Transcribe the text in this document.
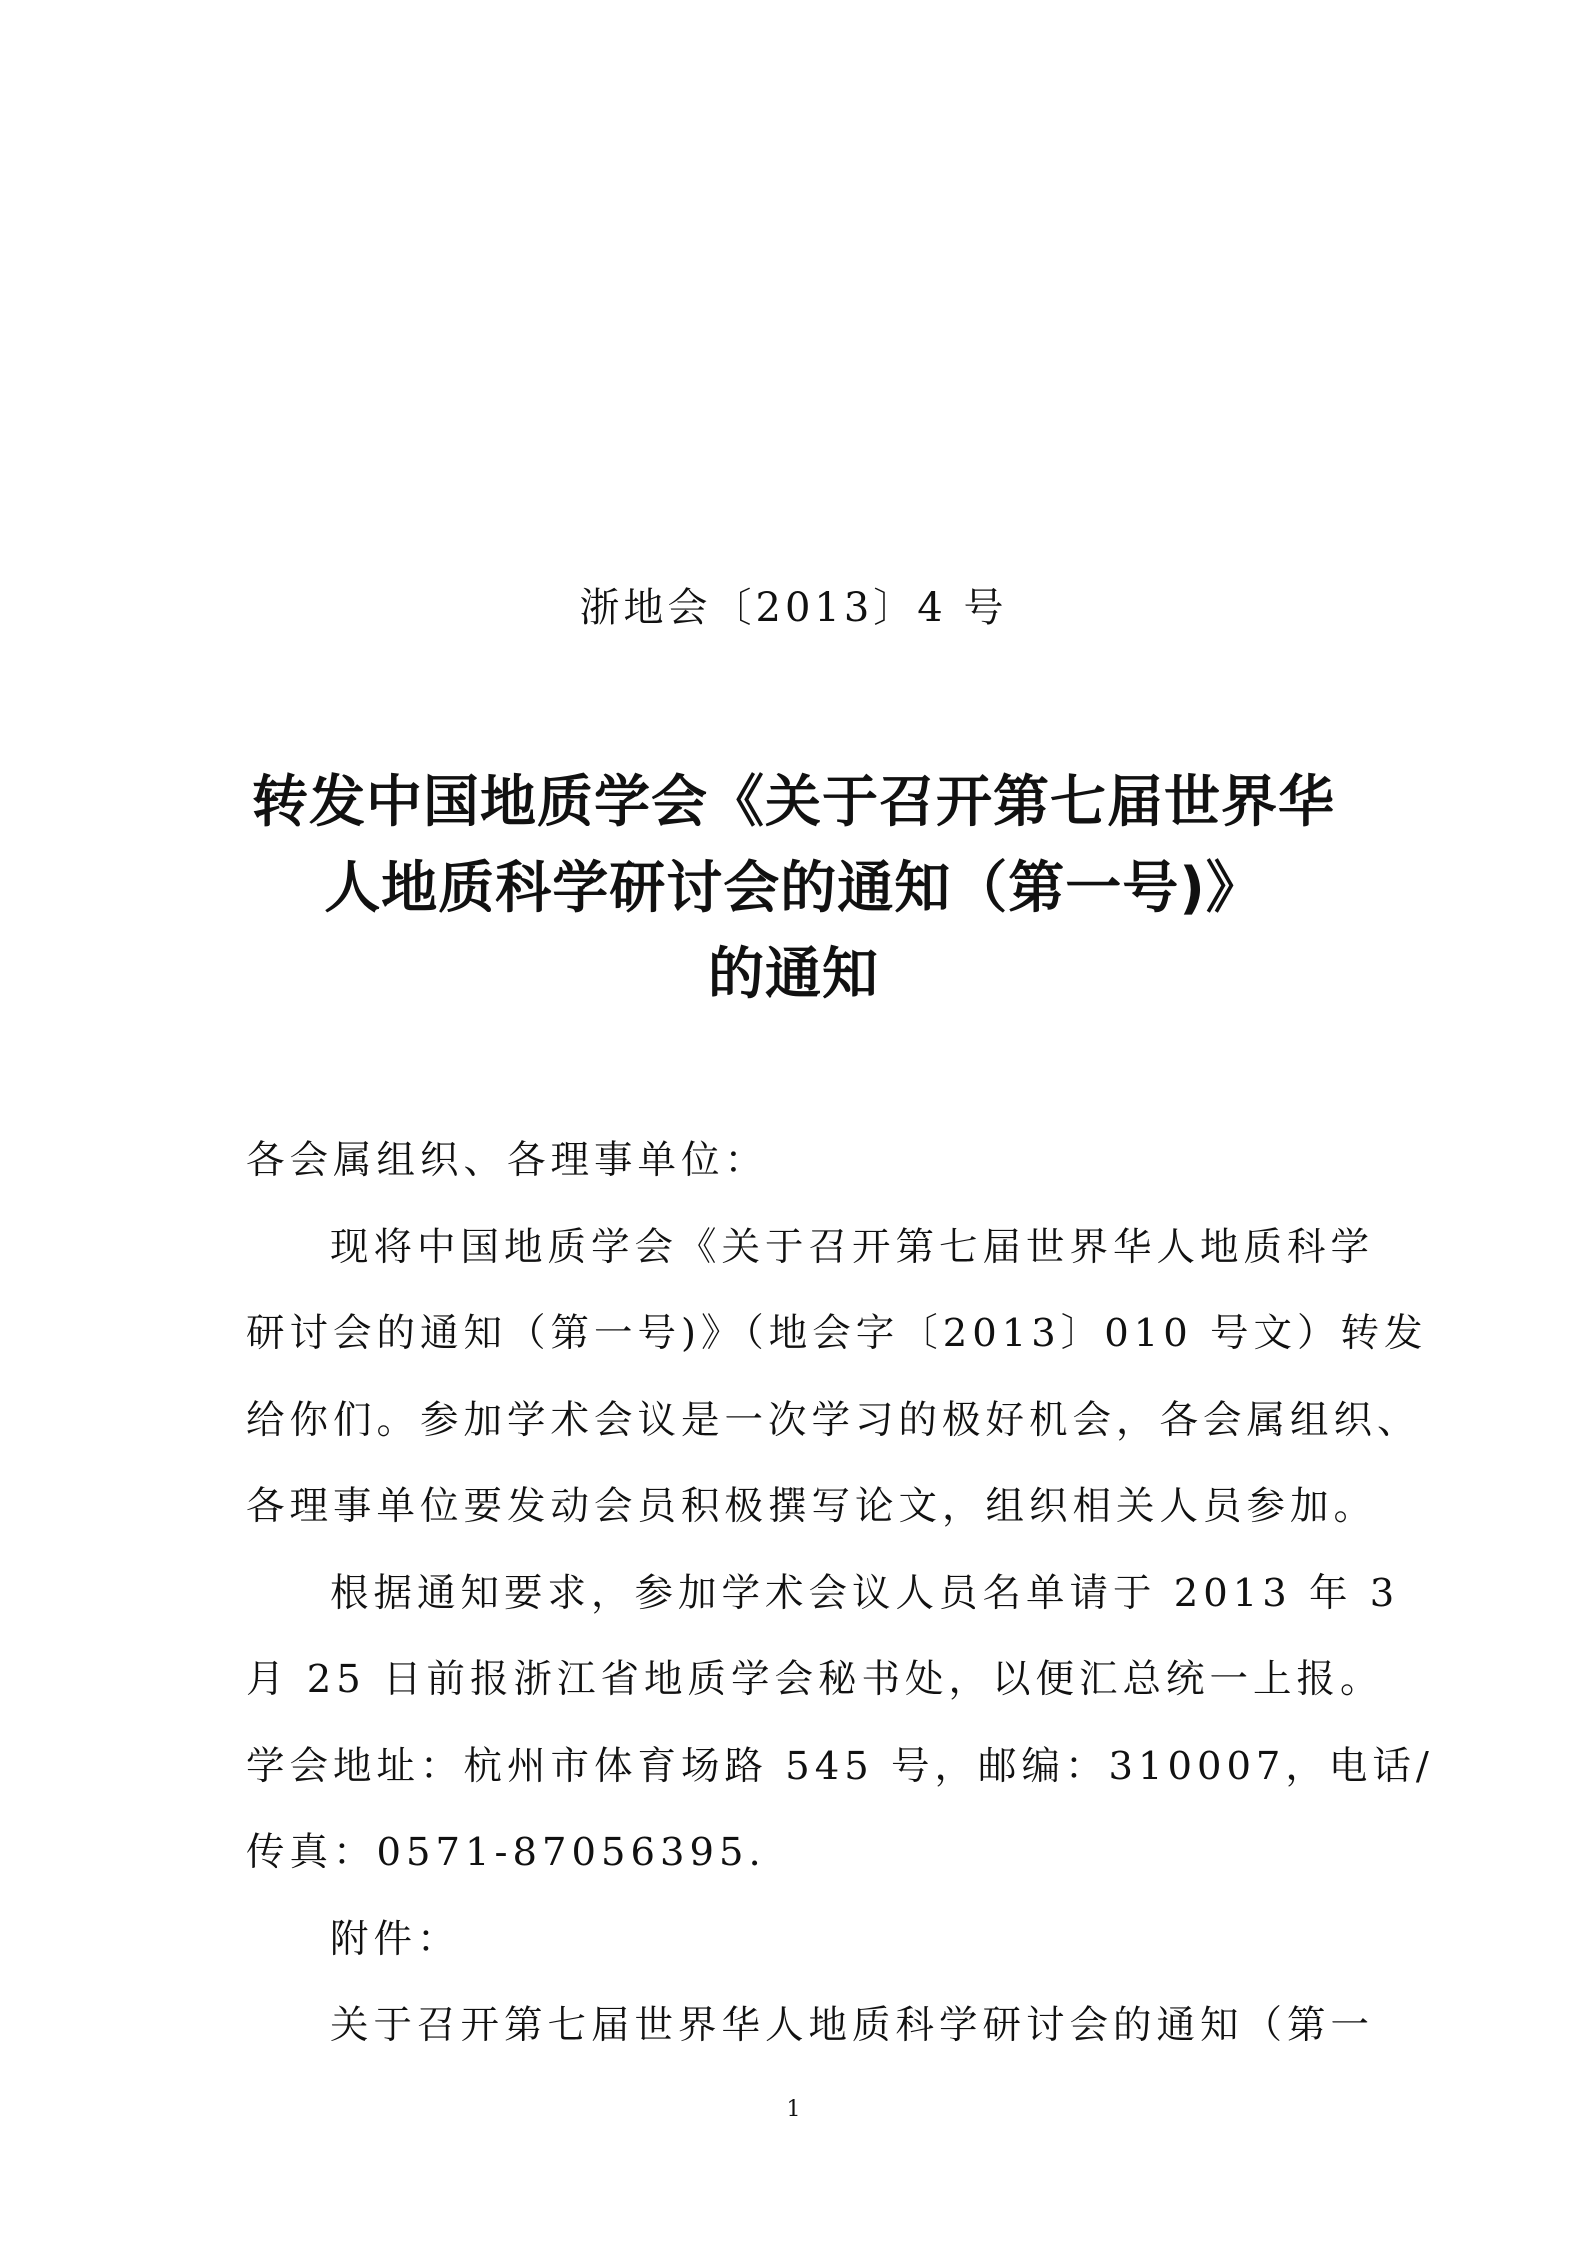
浙地会〔2013〕4 号
转发中国地质学会《关于召开第七届世界华
人地质科学研讨会的通知（第一号)》
的通知
各会属组织、各理事单位：
现将中国地质学会《关于召开第七届世界华人地质科学
研讨会的通知（第一号)》（地会字〔2013〕010 号文）转发
给你们。参加学术会议是一次学习的极好机会，各会属组织、
各理事单位要发动会员积极撰写论文，组织相关人员参加。
根据通知要求，参加学术会议人员名单请于 2013 年 3
月 25 日前报浙江省地质学会秘书处，以便汇总统一上报。
学会地址：杭州市体育场路 545 号，邮编：310007，电话/
传真：0571-87056395.
附件：
关于召开第七届世界华人地质科学研讨会的通知（第一
1
